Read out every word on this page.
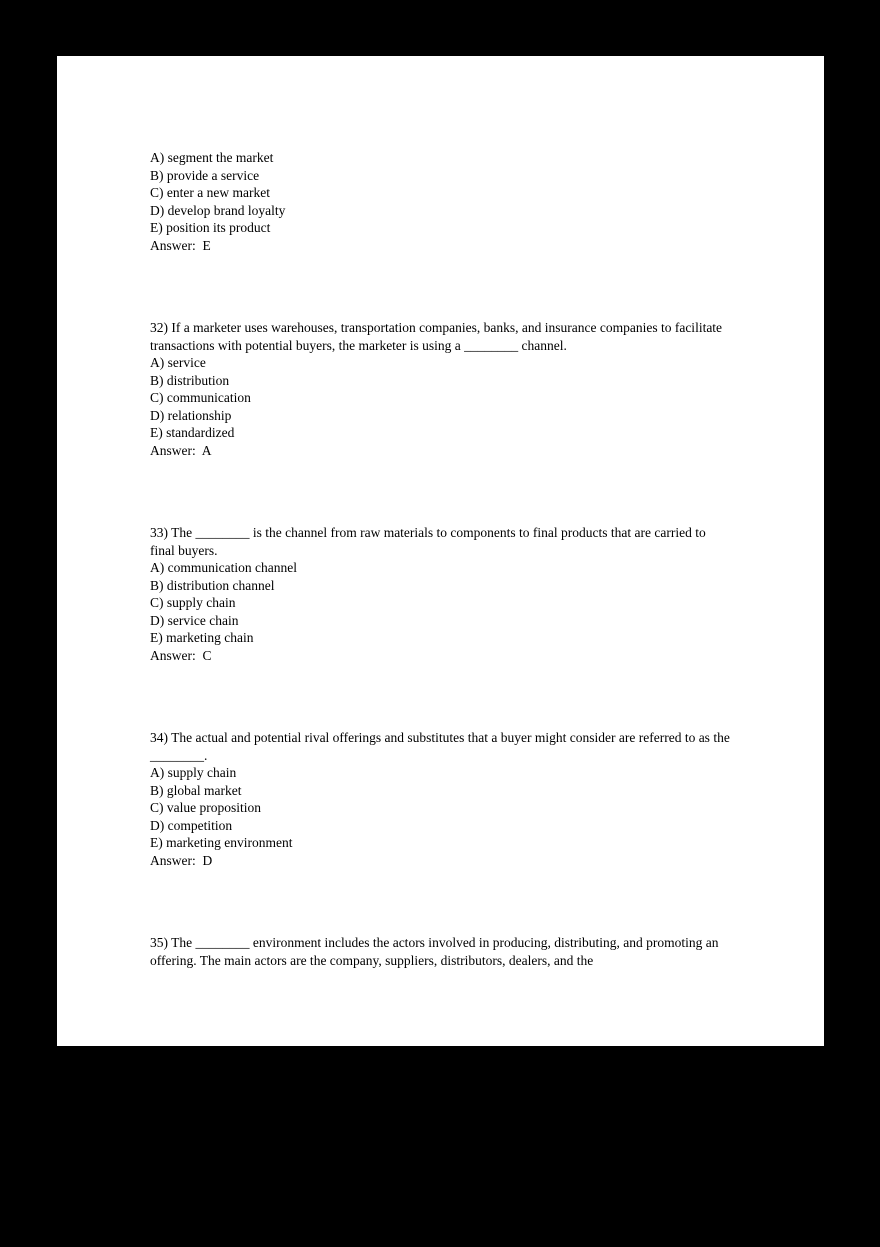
A) segment the market
B) provide a service
C) enter a new market
D) develop brand loyalty
E) position its product
Answer:  E
32) If a marketer uses warehouses, transportation companies, banks, and insurance companies to facilitate transactions with potential buyers, the marketer is using a ________ channel.
A) service
B) distribution
C) communication
D) relationship
E) standardized
Answer:  A
33) The ________ is the channel from raw materials to components to final products that are carried to final buyers.
A) communication channel
B) distribution channel
C) supply chain
D) service chain
E) marketing chain
Answer:  C
34) The actual and potential rival offerings and substitutes that a buyer might consider are referred to as the ________.
A) supply chain
B) global market
C) value proposition
D) competition
E) marketing environment
Answer:  D
35) The ________ environment includes the actors involved in producing, distributing, and promoting an offering. The main actors are the company, suppliers, distributors, dealers, and the
